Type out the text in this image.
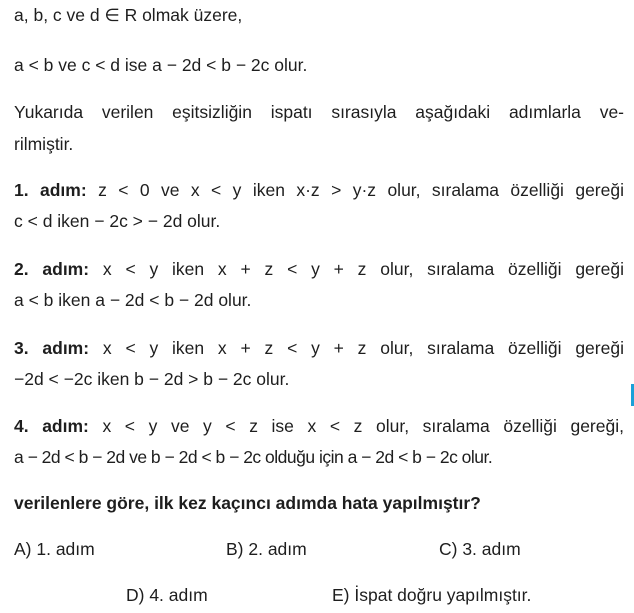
a, b, c ve d ∈ R olmak üzere,
a < b ve c < d ise a − 2d < b − 2c olur.
Yukarıda verilen eşitsizliğin ispatı sırasıyla aşağıdaki adımlarla ve-
rilmiştir.
1. adım: z < 0 ve x < y iken x·z > y·z olur, sıralama özelliği gereği
c < d iken − 2c > − 2d olur.
2. adım: x < y iken x + z < y + z olur, sıralama özelliği gereği
a < b iken a − 2d < b − 2d olur.
3. adım: x < y iken x + z < y + z olur, sıralama özelliği gereği
−2d < −2c iken b − 2d > b − 2c olur.
4. adım: x < y ve y < z ise x < z olur, sıralama özelliği gereği,
a − 2d < b − 2d ve b − 2d < b − 2c olduğu için a − 2d < b − 2c olur.
verilenlere göre, ilk kez kaçıncı adımda hata yapılmıştır?
A) 1. adım	B) 2. adım	C) 3. adım
D) 4. adım	E) İspat doğru yapılmıştır.
